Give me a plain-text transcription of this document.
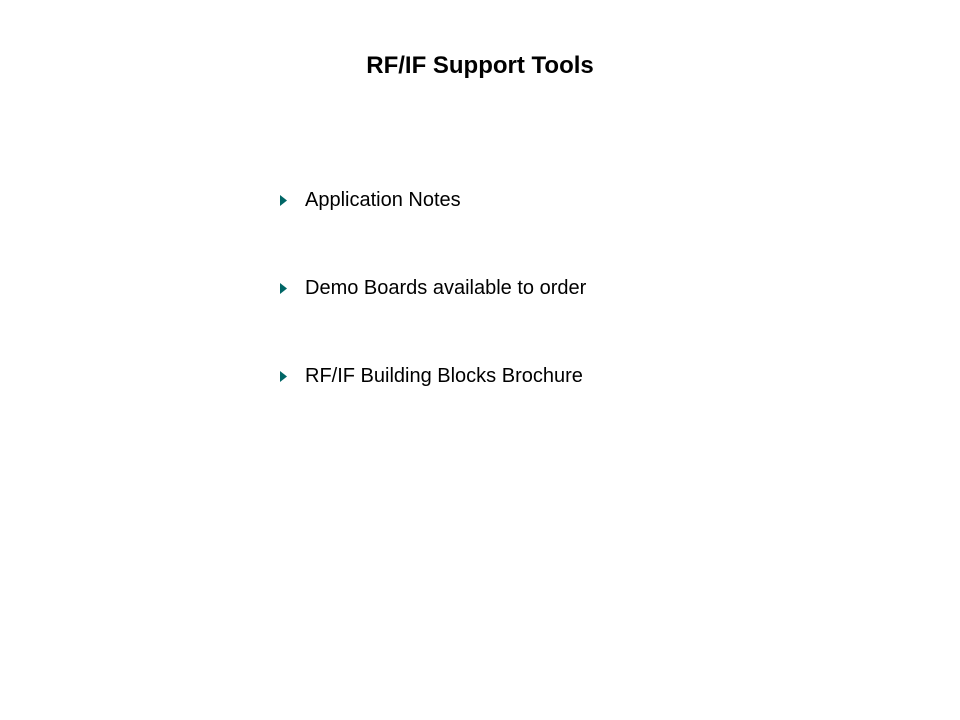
RF/IF Support Tools
Application Notes
Demo Boards available to order
RF/IF Building Blocks Brochure
